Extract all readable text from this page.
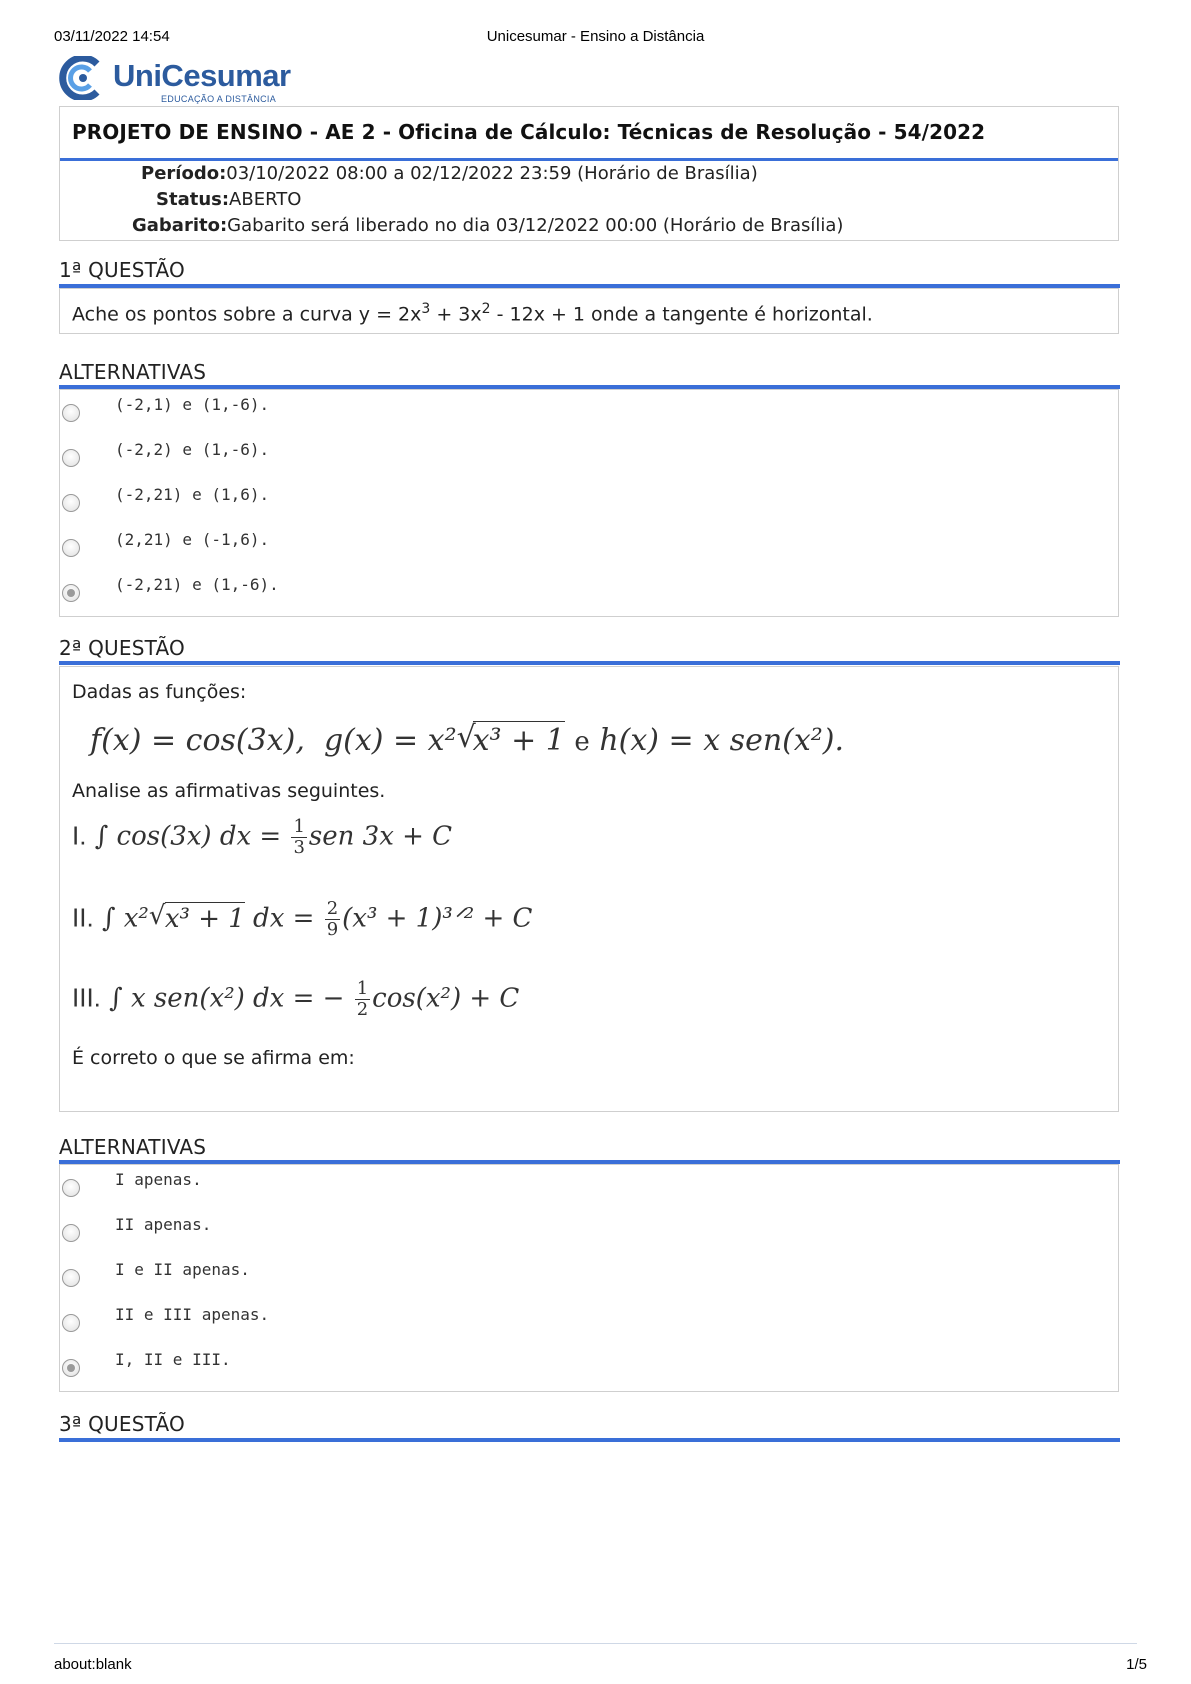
03/11/2022 14:54	Unicesumar - Ensino a Distância
UniCesumar
EDUCAÇÃO A DISTÂNCIA
PROJETO DE ENSINO - AE 2 - Oficina de Cálculo: Técnicas de Resolução - 54/2022
Período:03/10/2022 08:00 a 02/12/2022 23:59 (Horário de Brasília)
Status:ABERTO
Gabarito:Gabarito será liberado no dia 03/12/2022 00:00 (Horário de Brasília)
1ª QUESTÃO
Ache os pontos sobre a curva $y = 2x^3 + 3x^2 - 12x + 1$ onde a tangente é horizontal.
ALTERNATIVAS
(-2,1) e (1,-6).
(-2,2) e (1,-6).
(-2,21) e (1,6).
(2,21) e (-1,6).
(-2,21) e (1,-6).
2ª QUESTÃO
Dadas as funções:
f(x) = cos(3x), g(x) = x² √
x³ + 1 e h(x) = x sen(x²).
Analise as afirmativas seguintes.
I. ∫ cos(3x) dx = $\frac{1}{3}$ sen 3x + C
II. ∫ x² √ x³ + 1 dx = $\frac{2}{9} (x^3$ + 1)³ᐟ² + C
III. ∫ x sen(x²) dx = − $\frac{1}{2} \cos(x^2) + C$
É correto o que se afirma em:
ALTERNATIVAS
I apenas.
II apenas.
I e II apenas.
II e III apenas.
I, II e III.
3ª QUESTÃO
about:blank	1/5
